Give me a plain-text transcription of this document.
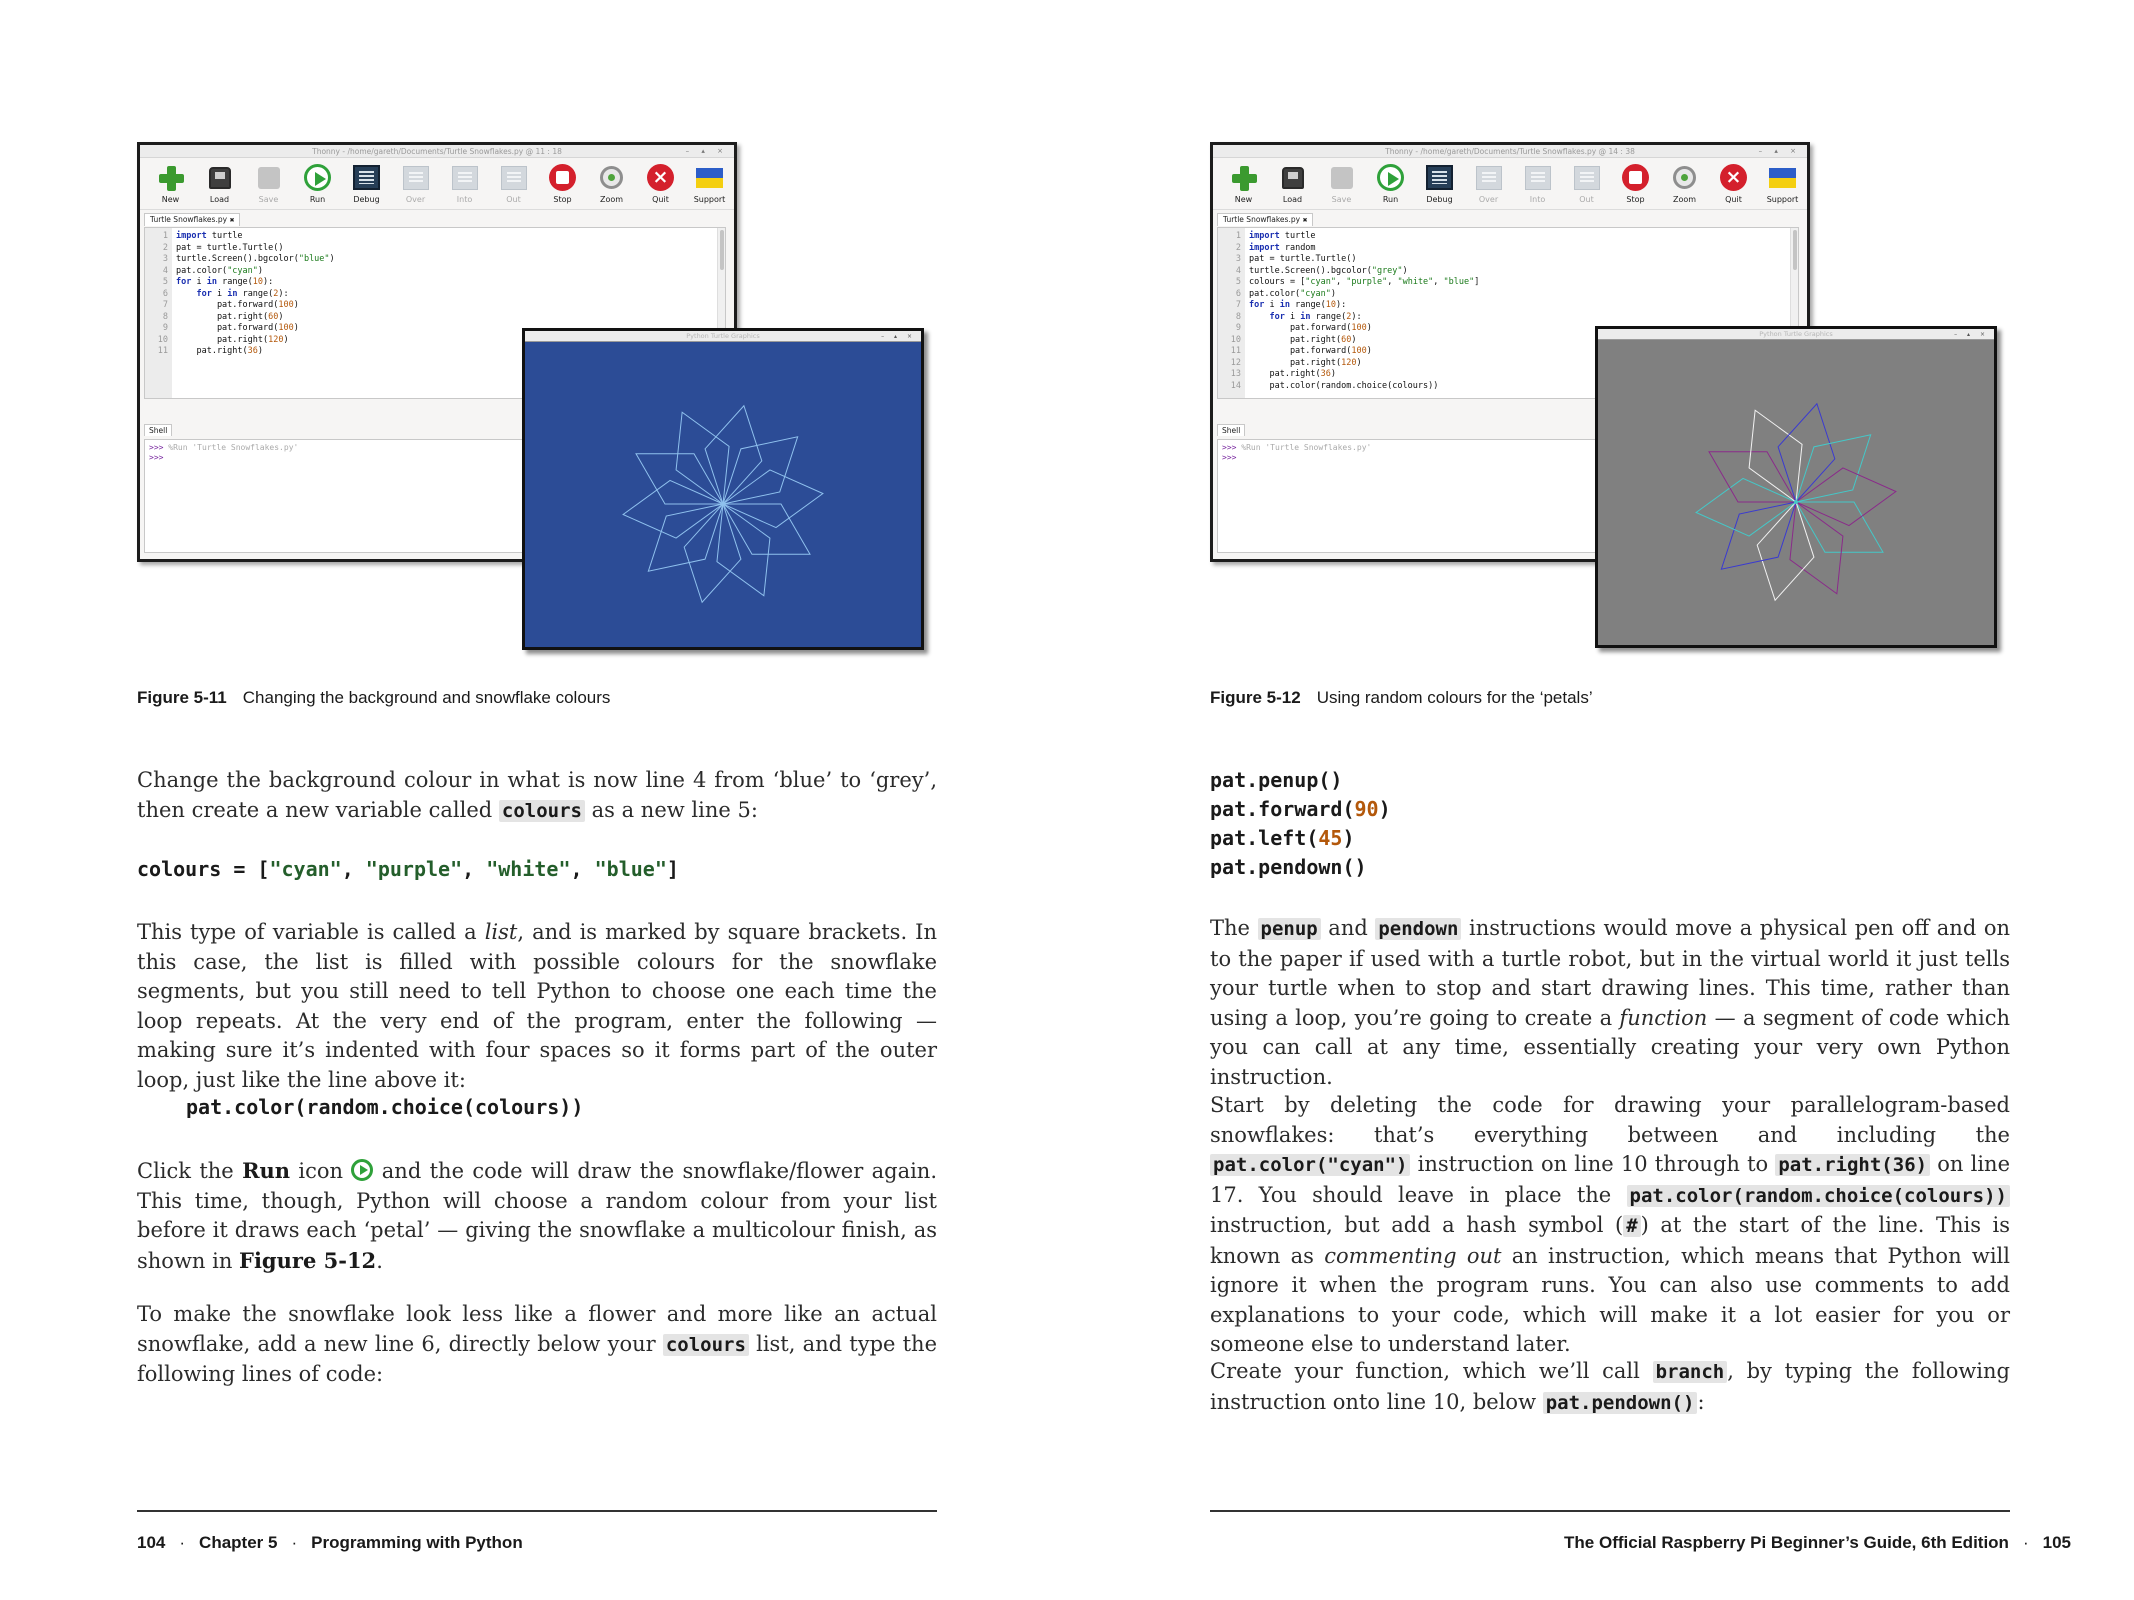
Thonny - /home/gareth/Documents/Turtle Snowflakes.py @ 11 : 18	– ▴ ×
New	Load	Save	Run	Debug	Over	Into	Out	Stop	Zoom
×
Quit	Support
Turtle Snowflakes.py ✖
1
2
3
4
5
6
7
8
9
10
11
import turtle
pat = turtle.Turtle()
turtle.Screen().bgcolor("blue")
pat.color("cyan")
for i in range(10):
for i in range(2):
pat.forward(100)
pat.right(60)
pat.forward(100)
pat.right(120)
pat.right(36)
Shell
>>> %Run 'Turtle Snowflakes.py'
>>>
Python Turtle Graphics	– ▴ ×
Figure 5-11 Changing the background and snowflake colours
Change the background colour in what is now line 4 from ‘blue’ to ‘grey’, then create a new variable called colours as a new line 5:
colours = ["cyan", "purple", "white", "blue"]
This type of variable is called a list, and is marked by square brackets. In this case, the list is filled with possible colours for the snowflake segments, but you still need to tell Python to choose one each time the loop repeats. At the very end of the program, enter the following — making sure it’s indented with four spaces so it forms part of the outer loop, just like the line above it:
pat.color(random.choice(colours))
Click the Run icon  and the code will draw the snowflake/flower again. This time, though, Python will choose a random colour from your list before it draws each ‘petal’ — giving the snowflake a multicolour finish, as shown in Figure 5-12.
To make the snowflake look less like a flower and more like an actual snowflake, add a new line 6, directly below your colours list, and type the following lines of code:
104 · Chapter 5 · Programming with Python
Thonny - /home/gareth/Documents/Turtle Snowflakes.py @ 14 : 38	– ▴ ×
New	Load	Save	Run	Debug	Over	Into	Out	Stop	Zoom
×
Quit	Support
Turtle Snowflakes.py ✖
1
2
3
4
5
6
7
8
9
10
11
12
13
14
import turtle
import random
pat = turtle.Turtle()
turtle.Screen().bgcolor("grey")
colours = ["cyan", "purple", "white", "blue"]
pat.color("cyan")
for i in range(10):
for i in range(2):
pat.forward(100)
pat.right(60)
pat.forward(100)
pat.right(120)
pat.right(36)
pat.color(random.choice(colours))
Shell
>>> %Run 'Turtle Snowflakes.py'
>>>
Python Turtle Graphics	– ▴ ×
Figure 5-12 Using random colours for the ‘petals’
pat.penup()
pat.forward(90)
pat.left(45)
pat.pendown()
The penup and pendown instructions would move a physical pen off and on to the paper if used with a turtle robot, but in the virtual world it just tells your turtle when to stop and start drawing lines. This time, rather than using a loop, you’re going to create a function — a segment of code which you can call at any time, essentially creating your very own Python instruction.
Start by deleting the code for drawing your parallelogram-based snowflakes: that’s everything between and including the pat.color("cyan") instruction on line 10 through to pat.right(36) on line 17. You should leave in place the pat.color(random.choice(colours)) instruction, but add a hash symbol ( # ) at the start of the line. This is known as commenting out an instruction, which means that Python will ignore it when the program runs. You can also use comments to add explanations to your code, which will make it a lot easier for you or someone else to understand later.
Create your function, which we’ll call branch , by typing the following instruction onto line 10, below pat.pendown() :
The Official Raspberry Pi Beginner’s Guide, 6th Edition · 105
